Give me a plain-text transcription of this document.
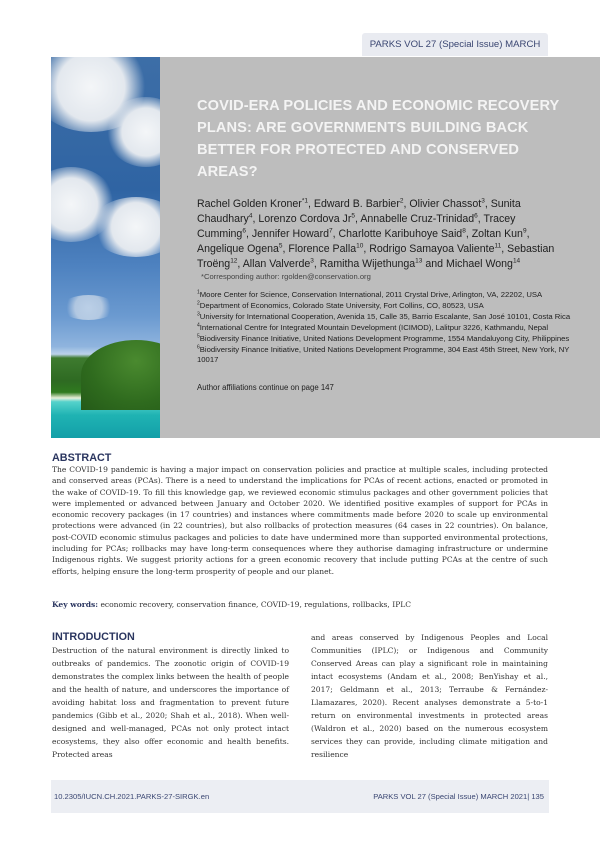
PARKS VOL 27 (Special Issue) MARCH
COVID-ERA POLICIES AND ECONOMIC RECOVERY PLANS: ARE GOVERNMENTS BUILDING BACK BETTER FOR PROTECTED AND CONSERVED AREAS?

Rachel Golden Kroner$^{*1}$, Edward B. Barbier$^2$, Olivier Chassot$^3$, Sunita Chaudhary$^4$, Lorenzo Cordova Jr$^5$, Annabelle Cruz-Trinidad$^6$, Tracey Cumming$^6$, Jennifer Howard$^7$, Charlotte Karibuhoye Said$^8$, Zoltan Kun$^9$, Angelique Ogena$^5$, Florence Palla$^{10}$, Rodrigo Samayoa Valiente$^{11}$, Sebastian Troëng$^{12}$, Allan Valverde$^3$, Ramitha Wijethunga$^{13}$ and Michael Wong$^{14}$

*Corresponding author: rgolden@conservation.org
$^1$Moore Center for Science, Conservation International, 2011 Crystal Drive, Arlington, VA, 22202, USA
$^2$Department of Economics, Colorado State University, Fort Collins, CO, 80523, USA
$^3$University for International Cooperation, Avenida 15, Calle 35, Barrio Escalante, San José 10101, Costa Rica
$^4$International Centre for Integrated Mountain Development (ICIMOD), Lalitpur 3226, Kathmandu, Nepal
$^5$Biodiversity Finance Initiative, United Nations Development Programme, 1554 Mandaluyong City, Philippines
$^6$Biodiversity Finance Initiative, United Nations Development Programme, 304 East 45th Street, New York, NY 10017
Author affiliations continue on page 147
ABSTRACT

The COVID-19 pandemic is having a major impact on conservation policies and practice at multiple scales, including protected and conserved areas (PCAs). There is a need to understand the implications for PCAs of recent actions, enacted or promoted in the wake of COVID-19. To fill this knowledge gap, we reviewed economic stimulus packages and other government policies that were implemented or advanced between January and October 2020. We identified positive examples of support for PCAs in economic recovery packages (in 17 countries) and instances where commitments made before 2020 to scale up environmental protections were advanced (in 22 countries), but also rollbacks of protection measures (64 cases in 22 countries). On balance, post-COVID economic stimulus packages and policies to date have undermined more than supported environmental protections, including for PCAs; rollbacks may have long-term consequences where they authorise damaging infrastructure or undermine Indigenous rights. We suggest priority actions for a green economic recovery that include putting PCAs at the centre of such efforts, helping ensure the long-term prosperity of people and our planet.

Key words: economic recovery, conservation finance, COVID-19, regulations, rollbacks, IPLC

INTRODUCTION

Destruction of the natural environment is directly linked to outbreaks of pandemics. The zoonotic origin of COVID-19 demonstrates the complex links between the health of people and the health of nature, and underscores the importance of avoiding habitat loss and fragmentation to prevent future pandemics (Gibb et al., 2020; Shah et al., 2018). When well-designed and well-managed, PCAs not only protect intact ecosystems, they also offer economic and health benefits. Protected areas

and areas conserved by Indigenous Peoples and Local Communities (IPLC); or Indigenous and Community Conserved Areas can play a significant role in maintaining intact ecosystems (Andam et al., 2008; BenYishay et al., 2017; Geldmann et al., 2013; Terraube & Fernández-Llamazares, 2020). Recent analyses demonstrate a 5-to-1 return on environmental investments in protected areas (Waldron et al., 2020) based on the numerous ecosystem services they can provide, including climate mitigation and resilience

10.2305/IUCN.CH.2021.PARKS-27-SIRGK.en	PARKS VOL 27 (Special Issue) MARCH 2021| 135
